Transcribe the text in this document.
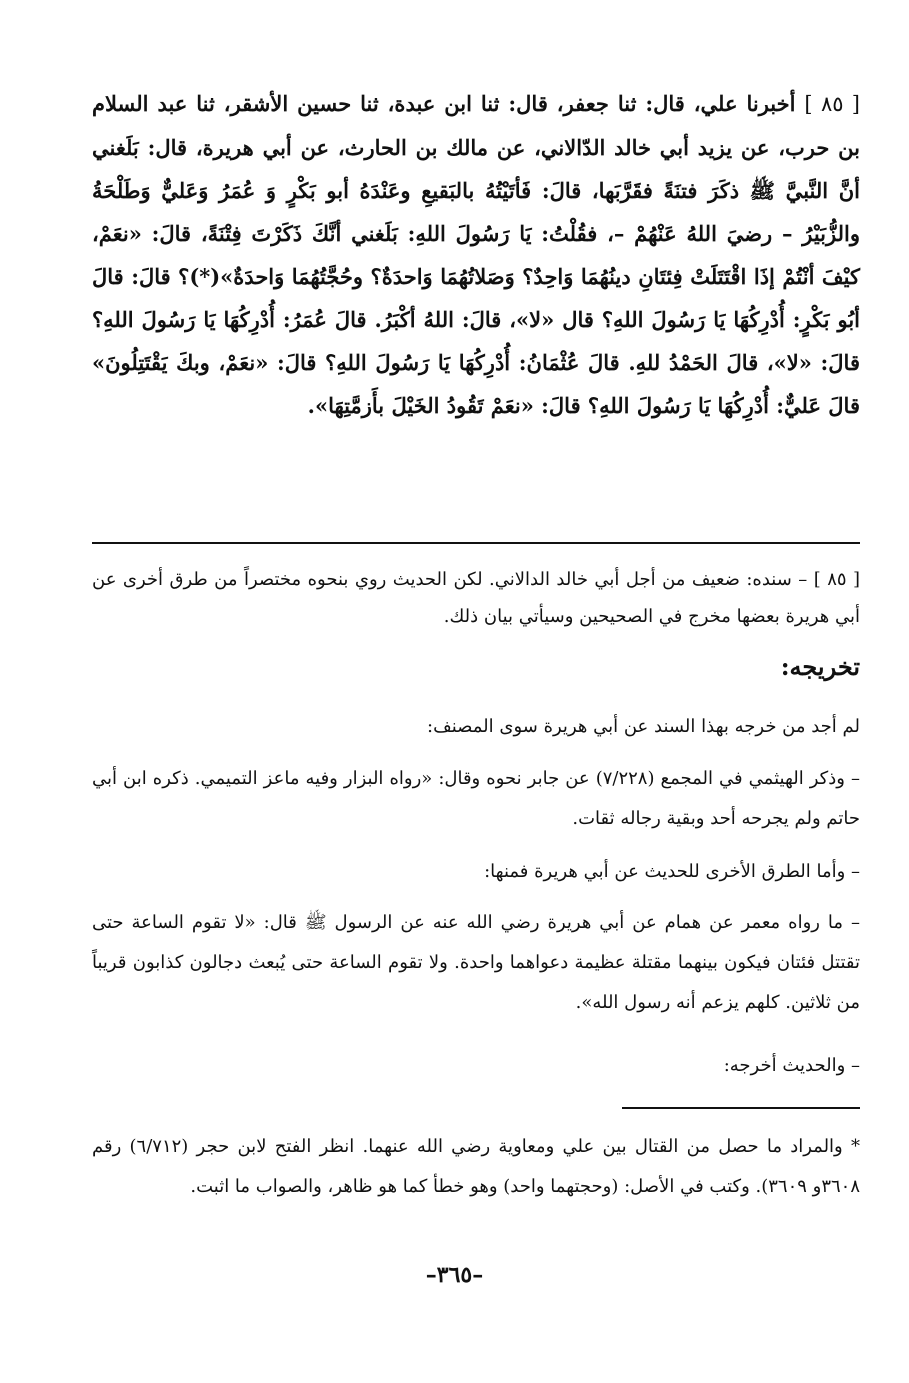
[ ٨٥ ] أخبرنا علي، قال: ثنا جعفر، قال: ثنا ابن عبدة، ثنا حسين الأشقر، ثنا عبد السلام بن حرب، عن يزيد أبي خالد الدّالاني، عن مالك بن الحارث، عن أبي هريرة، قال: بَلَغني أنَّ النَّبيَّ ﷺ ذكَرَ فتنَةً فقَرَّبَها، قالَ: فَأتَيْتُهُ بالبَقيعِ وعَنْدَهُ أبو بَكْرٍ وَ عُمَرُ وَعَليٌّ وَطَلْحَةُ والزُّبَيْرُ – رضيَ اللهُ عَنْهُمْ –، فقُلْتُ: يَا رَسُولَ اللهِ: بَلَغني أنَّكَ ذَكَرْتَ فِتْنَةً، قالَ: «نعَمْ، كيْفَ أنْتُمْ إذَا اقْتَتَلَتْ فِئتَانِ دينُهُمَا وَاحِدٌ؟ وَصَلاتُهُمَا وَاحدَةٌ؟ وحُجَّتُهُمَا وَاحدَةٌ»(*)؟ قالَ: قالَ أبُو بَكْرٍ: أُدْرِكُهَا يَا رَسُولَ اللهِ؟ قال «لا»، قالَ: اللهُ أكْبَرُ. قالَ عُمَرُ: أُدْرِكُهَا يَا رَسُولَ اللهِ؟ قالَ: «لا»، قالَ الحَمْدُ للهِ. قالَ عُثْمَانُ: أُدْرِكُهَا يَا رَسُولَ اللهِ؟ قالَ: «نعَمْ، وبكَ يَقْتَتِلُونَ» قالَ عَليٌّ: أُدْرِكُهَا يَا رَسُولَ اللهِ؟ قالَ: «نعَمْ تَقُودُ الخَيْلَ بأَزمَّتِهَا».

[ ٨٥ ] – سنده: ضعيف من أجل أبي خالد الدالاني. لكن الحديث روي بنحوه مختصراً من طرق أخرى عن أبي هريرة بعضها مخرج في الصحيحين وسيأتي بيان ذلك.

تخريجه:

لم أجد من خرجه بهذا السند عن أبي هريرة سوى المصنف:

– وذكر الهيثمي في المجمع (٧/٢٢٨) عن جابر نحوه وقال: «رواه البزار وفيه ماعز التميمي. ذكره ابن أبي حاتم ولم يجرحه أحد وبقية رجاله ثقات.

– وأما الطرق الأخرى للحديث عن أبي هريرة فمنها:

– ما رواه معمر عن همام عن أبي هريرة رضي الله عنه عن الرسول ﷺ قال: «لا تقوم الساعة حتى تقتتل فئتان فيكون بينهما مقتلة عظيمة دعواهما واحدة. ولا تقوم الساعة حتى يُبعث دجالون كذابون قريباً من ثلاثين. كلهم يزعم أنه رسول الله».

– والحديث أخرجه:

* والمراد ما حصل من القتال بين علي ومعاوية رضي الله عنهما. انظر الفتح لابن حجر (٦/٧١٢) رقم ٣٦٠٨و ٣٦٠٩). وكتب في الأصل: (وحجتهما واحد) وهو خطأ كما هو ظاهر، والصواب ما اثبت.

–٣٦٥–
